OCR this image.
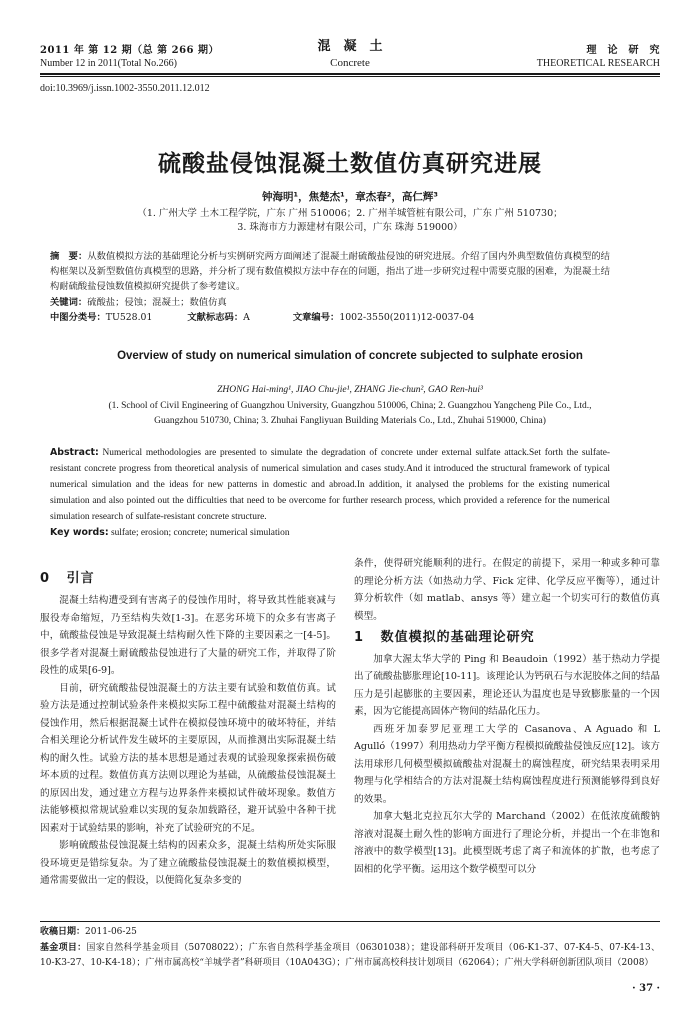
2011 年 第 12 期（总 第 266 期）
Number 12 in 2011(Total No.266)
混　凝　土
Concrete
理　论　研　究
THEORETICAL RESEARCH
doi:10.3969/j.issn.1002-3550.2011.12.012
硫酸盐侵蚀混凝土数值仿真研究进展
钟海明¹，焦楚杰¹，章杰春²，高仁辉³
（1. 广州大学 土木工程学院，广东 广州 510006；2. 广州羊城管桩有限公司，广东 广州 510730；
3. 珠海市方力源建材有限公司，广东 珠海 519000）
摘　要：从数值模拟方法的基础理论分析与实例研究两方面阐述了混凝土耐硫酸盐侵蚀的研究进展。介绍了国内外典型数值仿真模型的结构框架以及新型数值仿真模型的思路，并分析了现有数值模拟方法中存在的问题，指出了进一步研究过程中需要克服的困难，为混凝土结构耐硫酸盐侵蚀数值模拟研究提供了参考建议。
关键词：硫酸盐；侵蚀；混凝土；数值仿真
中图分类号：TU528.01	文献标志码：A	文章编号：1002-3550(2011)12-0037-04
Overview of study on numerical simulation of concrete subjected to sulphate erosion
ZHONG Hai-ming¹, JIAO Chu-jie¹, ZHANG Jie-chun², GAO Ren-hui³
(1. School of Civil Engineering of Guangzhou University, Guangzhou 510006, China; 2. Guangzhou Yangcheng Pile Co., Ltd.,
Guangzhou 510730, China; 3. Zhuhai Fangliyuan Building Materials Co., Ltd., Zhuhai 519000, China)
Abstract: Numerical methodologies are presented to simulate the degradation of concrete under external sulfate attack.Set forth the sulfate-resistant concrete progress from theoretical analysis of numerical simulation and cases study.And it introduced the structural framework of typical numerical simulation and the ideas for new patterns in domestic and abroad.In addition, it analysed the problems for the existing numerical simulation and also pointed out the difficulties that need to be overcome for further research process, which provided a reference for the numerical simulation research of sulfate-resistant concrete structure.
Key words: sulfate; erosion; concrete; numerical simulation
0 引言

混凝土结构遭受到有害离子的侵蚀作用时，将导致其性能衰减与服役寿命缩短，乃至结构失效[1-3]。在恶劣环境下的众多有害离子中，硫酸盐侵蚀是导致混凝土结构耐久性下降的主要因素之一[4-5]。很多学者对混凝土耐硫酸盐侵蚀进行了大量的研究工作，并取得了阶段性的成果[6-9]。

目前，研究硫酸盐侵蚀混凝土的方法主要有试验和数值仿真。试验方法是通过控制试验条件来模拟实际工程中硫酸盐对混凝土结构的侵蚀作用，然后根据混凝土试件在模拟侵蚀环境中的破坏特征，并结合相关理论分析试件发生破坏的主要原因，从而推测出实际混凝土结构的耐久性。试验方法的基本思想是通过表观的试验现象探索损伤破坏本质的过程。数值仿真方法则以理论为基础，从硫酸盐侵蚀混凝土的原因出发，通过建立方程与边界条件来模拟试件破坏现象。数值方法能够模拟常规试验难以实现的复杂加载路径，避开试验中各种干扰因素对于试验结果的影响，补充了试验研究的不足。

影响硫酸盐侵蚀混凝土结构的因素众多，混凝土结构所处实际服役环境更是错综复杂。为了建立硫酸盐侵蚀混凝土的数值模拟模型，通常需要做出一定的假设，以便简化复杂多变的

条件，使得研究能顺利的进行。在假定的前提下，采用一种或多种可靠的理论分析方法（如热动力学、Fick 定律、化学反应平衡等），通过计算分析软件（如 matlab、ansys 等）建立起一个切实可行的数值仿真模型。

1 数值模拟的基础理论研究

加拿大渥太华大学的 Ping 和 Beaudoin（1992）基于热动力学提出了硫酸盐膨胀理论[10-11]。该理论认为钙矾石与水泥胶体之间的结晶压力是引起膨胀的主要因素，理论还认为温度也是导致膨胀量的一个因素，因为它能提高固体产物间的结晶化压力。

西班牙加泰罗尼亚理工大学的 Casanova、A Aguado 和 L Agulló（1997）利用热动力学平衡方程模拟硫酸盐侵蚀反应[12]。该方法用球形几何模型模拟硫酸盐对混凝土的腐蚀程度，研究结果表明采用物理与化学相结合的方法对混凝土结构腐蚀程度进行预测能够得到良好的效果。

加拿大魁北克拉瓦尔大学的 Marchand（2002）在低浓度硫酸钠溶液对混凝土耐久性的影响方面进行了理论分析，并提出一个在非饱和溶液中的数学模型[13]。此模型既考虑了离子和流体的扩散，也考虑了固相的化学平衡。运用这个数学模型可以分

收稿日期：2011-06-25
基金项目：国家自然科学基金项目（50708022）；广东省自然科学基金项目（06301038）；建设部科研开发项目（06-K1-37、07-K4-5、07-K4-13、10-K3-27、10-K4-18）；广州市属高校“羊城学者”科研项目（10A043G）；广州市属高校科技计划项目（62064）；广州大学科研创新团队项目（2008）
· 37 ·
